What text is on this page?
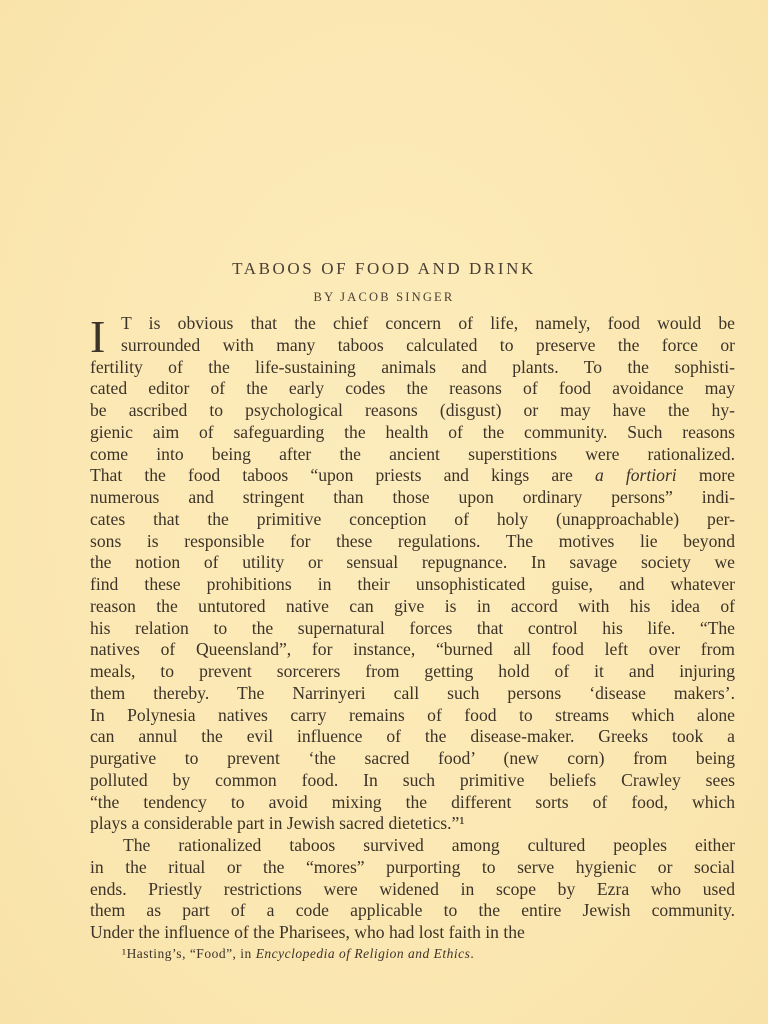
TABOOS OF FOOD AND DRINK
BY JACOB SINGER
I T is obvious that the chief concern of life, namely, food would be
surrounded with many taboos calculated to preserve the force or
fertility of the life-sustaining animals and plants. To the sophisti-
cated editor of the early codes the reasons of food avoidance may
be ascribed to psychological reasons (disgust) or may have the hy-
gienic aim of safeguarding the health of the community. Such reasons
come into being after the ancient superstitions were rationalized.
That the food taboos “upon priests and kings are a fortiori more
numerous and stringent than those upon ordinary persons” indi-
cates that the primitive conception of holy (unapproachable) per-
sons is responsible for these regulations. The motives lie beyond
the notion of utility or sensual repugnance. In savage society we
find these prohibitions in their unsophisticated guise, and whatever
reason the untutored native can give is in accord with his idea of
his relation to the supernatural forces that control his life. “The
natives of Queensland”, for instance, “burned all food left over from
meals, to prevent sorcerers from getting hold of it and injuring
them thereby. The Narrinyeri call such persons ‘disease makers’.
In Polynesia natives carry remains of food to streams which alone
can annul the evil influence of the disease-maker. Greeks took a
purgative to prevent ‘the sacred food’ (new corn) from being
polluted by common food. In such primitive beliefs Crawley sees
“the tendency to avoid mixing the different sorts of food, which
plays a considerable part in Jewish sacred dietetics.”¹
The rationalized taboos survived among cultured peoples either
in the ritual or the “mores” purporting to serve hygienic or social
ends. Priestly restrictions were widened in scope by Ezra who used
them as part of a code applicable to the entire Jewish community.
Under the influence of the Pharisees, who had lost faith in the
¹Hasting’s, “Food”, in Encyclopedia of Religion and Ethics.
